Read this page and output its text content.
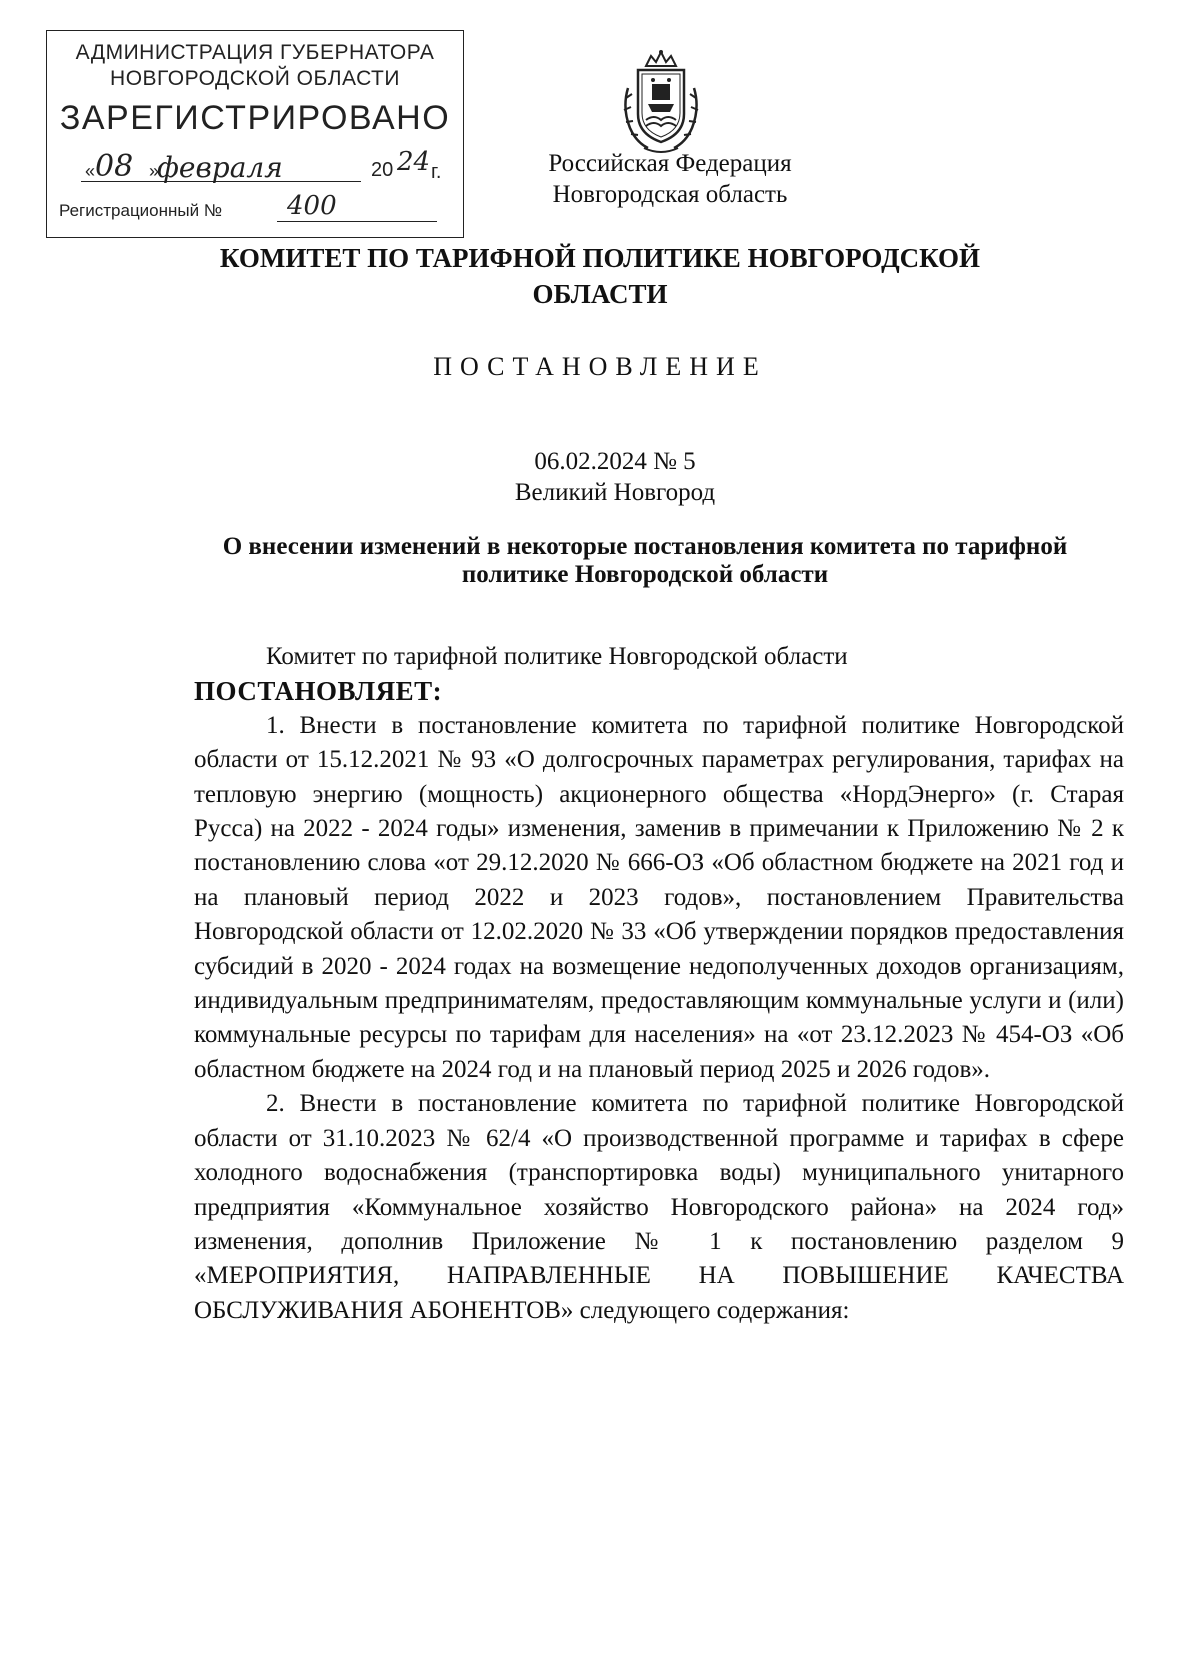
АДМИНИСТРАЦИЯ ГУБЕРНАТОРА
НОВГОРОДСКОЙ ОБЛАСТИ
ЗАРЕГИСТРИРОВАНО
« 08 »
февраля	20 24 г.
Регистрационный № 400
Российская Федерация
Новгородская область
КОМИТЕТ ПО ТАРИФНОЙ ПОЛИТИКЕ НОВГОРОДСКОЙ ОБЛАСТИ
ПОСТАНОВЛЕНИЕ
06.02.2024 № 5
Великий Новгород
О внесении изменений в некоторые постановления комитета по тарифной политике Новгородской области

Комитет по тарифной политике Новгородской области

ПОСТАНОВЛЯЕТ:

1. Внести в постановление комитета по тарифной политике Новгородской области от 15.12.2021 № 93 «О долгосрочных параметрах регулирования, тарифах на тепловую энергию (мощность) акционерного общества «НордЭнерго» (г. Старая Русса) на 2022 - 2024 годы» изменения, заменив в примечании к Приложению № 2 к постановлению слова «от 29.12.2020 № 666-ОЗ «Об областном бюджете на 2021 год и на плановый период 2022 и 2023 годов», постановлением Правительства Новгородской области от 12.02.2020 № 33 «Об утверждении порядков предоставления субсидий в 2020 - 2024 годах на возмещение недополученных доходов организациям, индивидуальным предпринимателям, предоставляющим коммунальные услуги и (или) коммунальные ресурсы по тарифам для населения» на «от 23.12.2023 № 454-ОЗ «Об областном бюджете на 2024 год и на плановый период 2025 и 2026 годов».

2. Внести в постановление комитета по тарифной политике Новгородской области от 31.10.2023 № 62/4 «О производственной программе и тарифах в сфере холодного водоснабжения (транспортировка воды) муниципального унитарного предприятия «Коммунальное хозяйство Новгородского района» на 2024 год» изменения, дополнив Приложение № 1 к постановлению разделом 9 «МЕРОПРИЯТИЯ, НАПРАВЛЕННЫЕ НА ПОВЫШЕНИЕ КАЧЕСТВА ОБСЛУЖИВАНИЯ АБОНЕНТОВ» следующего содержания:
